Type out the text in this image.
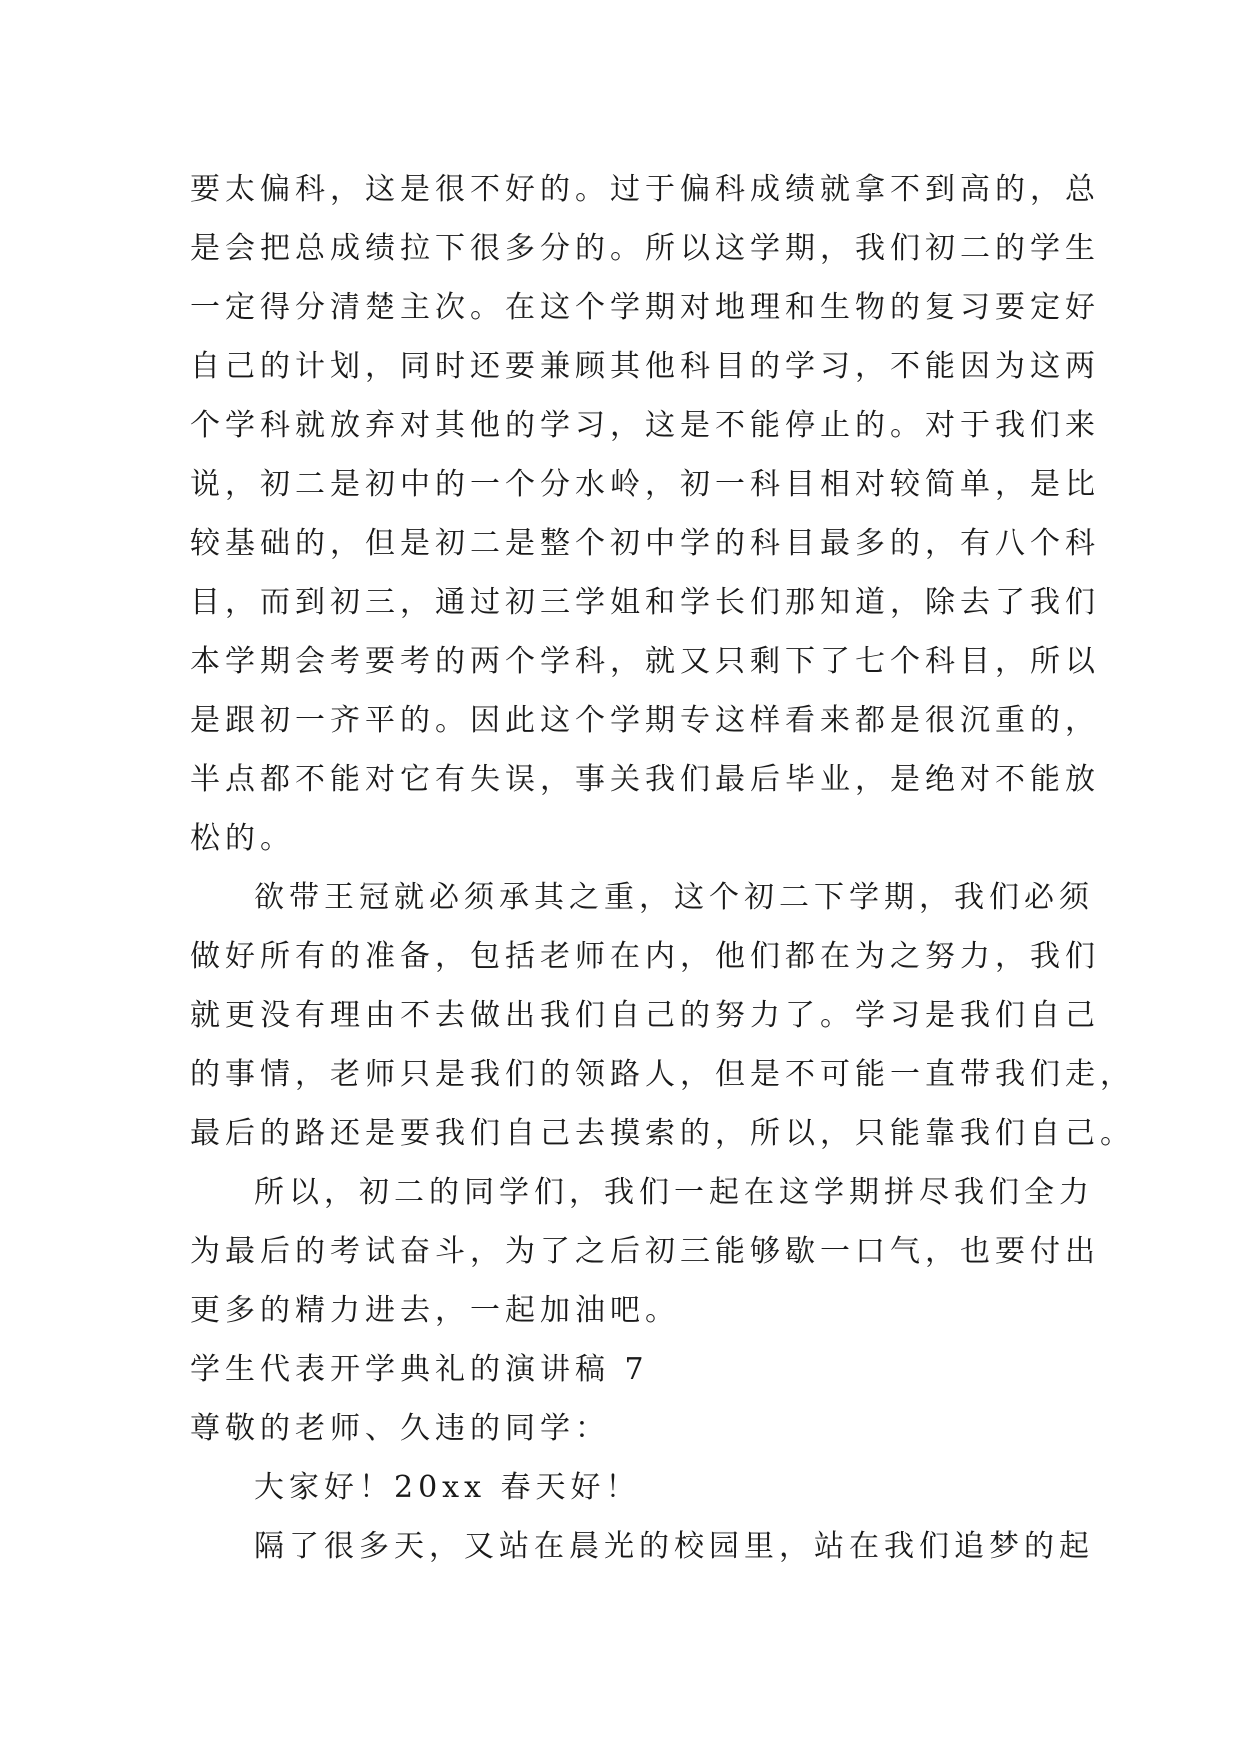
要太偏科，这是很不好的。过于偏科成绩就拿不到高的，总
是会把总成绩拉下很多分的。所以这学期，我们初二的学生
一定得分清楚主次。在这个学期对地理和生物的复习要定好
自己的计划，同时还要兼顾其他科目的学习，不能因为这两
个学科就放弃对其他的学习，这是不能停止的。对于我们来
说，初二是初中的一个分水岭，初一科目相对较简单，是比
较基础的，但是初二是整个初中学的科目最多的，有八个科
目，而到初三，通过初三学姐和学长们那知道，除去了我们
本学期会考要考的两个学科，就又只剩下了七个科目，所以
是跟初一齐平的。因此这个学期专这样看来都是很沉重的，
半点都不能对它有失误，事关我们最后毕业，是绝对不能放
松的。
欲带王冠就必须承其之重，这个初二下学期，我们必须
做好所有的准备，包括老师在内，他们都在为之努力，我们
就更没有理由不去做出我们自己的努力了。学习是我们自己
的事情，老师只是我们的领路人，但是不可能一直带我们走，
最后的路还是要我们自己去摸索的，所以，只能靠我们自己。
所以，初二的同学们，我们一起在这学期拼尽我们全力
为最后的考试奋斗，为了之后初三能够歇一口气，也要付出
更多的精力进去，一起加油吧。
学生代表开学典礼的演讲稿 7
尊敬的老师、久违的同学：
大家好！20xx 春天好！
隔了很多天，又站在晨光的校园里，站在我们追梦的起
